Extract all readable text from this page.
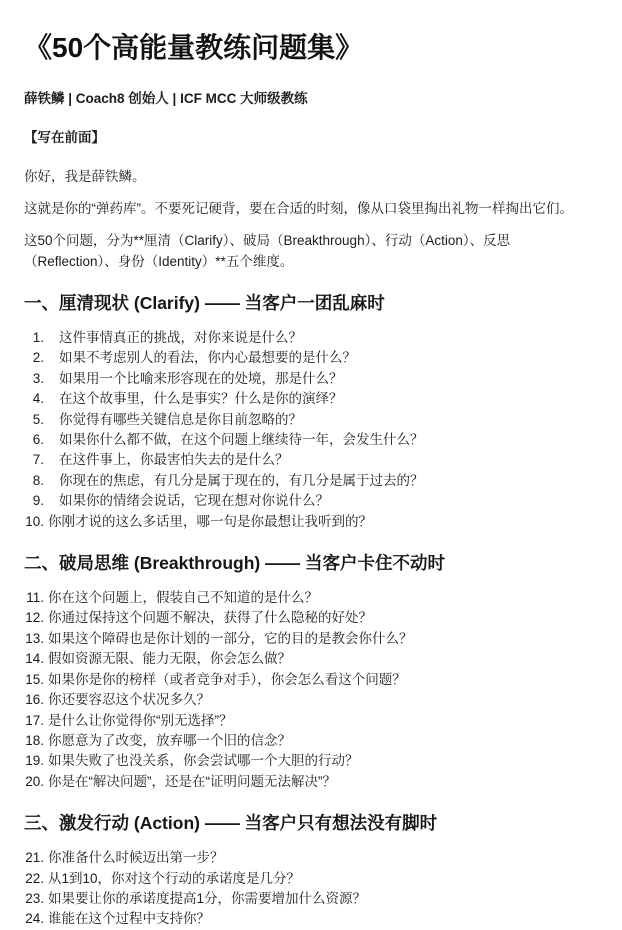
《50个高能量教练问题集》

薛铁鳞 | Coach8 创始人 | ICF MCC 大师级教练

【写在前面】

你好，我是薛铁鳞。

这就是你的“弹药库”。不要死记硬背，要在合适的时刻，像从口袋里掏出礼物一样掏出它们。

这50个问题，分为**厘清（Clarify）、破局（Breakthrough）、行动（Action）、反思（Reflection）、身份（Identity）**五个维度。

一、厘清现状 (Clarify) —— 当客户一团乱麻时
1. 这件事情真正的挑战，对你来说是什么？
2. 如果不考虑别人的看法，你内心最想要的是什么？
3. 如果用一个比喻来形容现在的处境，那是什么？
4. 在这个故事里，什么是事实？什么是你的演绎？
5. 你觉得有哪些关键信息是你目前忽略的？
6. 如果你什么都不做，在这个问题上继续待一年，会发生什么？
7. 在这件事上，你最害怕失去的是什么？
8. 你现在的焦虑，有几分是属于现在的，有几分是属于过去的？
9. 如果你的情绪会说话，它现在想对你说什么？
10. 你刚才说的这么多话里，哪一句是你最想让我听到的？
二、破局思维 (Breakthrough) —— 当客户卡住不动时
11. 你在这个问题上，假装自己不知道的是什么？
12. 你通过保持这个问题不解决，获得了什么隐秘的好处？
13. 如果这个障碍也是你计划的一部分，它的目的是教会你什么？
14. 假如资源无限、能力无限，你会怎么做？
15. 如果你是你的榜样（或者竞争对手），你会怎么看这个问题？
16. 你还要容忍这个状况多久？
17. 是什么让你觉得你“别无选择”？
18. 你愿意为了改变，放弃哪一个旧的信念？
19. 如果失败了也没关系，你会尝试哪一个大胆的行动？
20. 你是在“解决问题”，还是在“证明问题无法解决”？
三、激发行动 (Action) —— 当客户只有想法没有脚时
21. 你准备什么时候迈出第一步？
22. 从1到10，你对这个行动的承诺度是几分？
23. 如果要让你的承诺度提高1分，你需要增加什么资源？
24. 谁能在这个过程中支持你？
